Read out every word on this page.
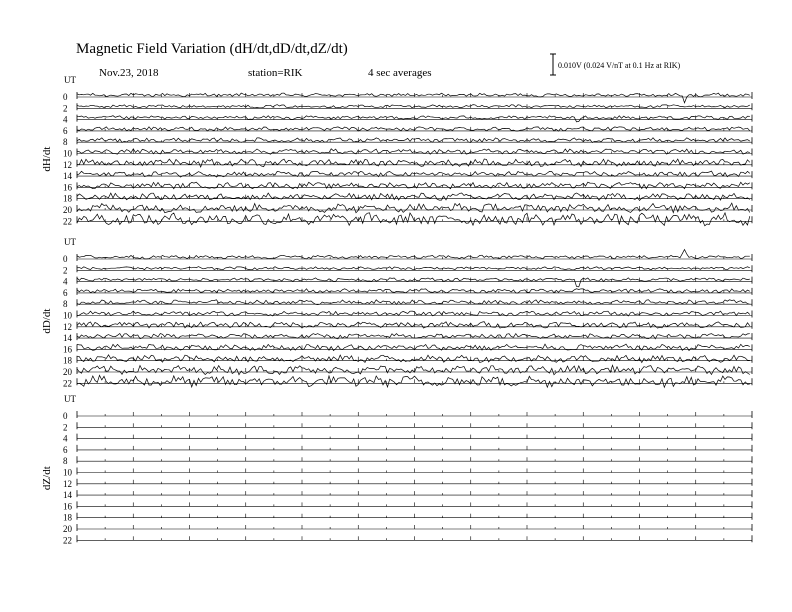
Magnetic Field Variation (dH/dt,dD/dt,dZ/dt)
Nov.23, 2018	station=RIK	4 sec averages
0.010V (0.024 V/nT at 0.1 Hz at RIK)
UT
dH/dt
0
2
4
6
8
10
12
14
16
18
20
22
UT
dD/dt
0
2
4
6
8
10
12
14
16
18
20
22
UT
dZ/dt
0
2
4
6
8
10
12
14
16
18
20
22
